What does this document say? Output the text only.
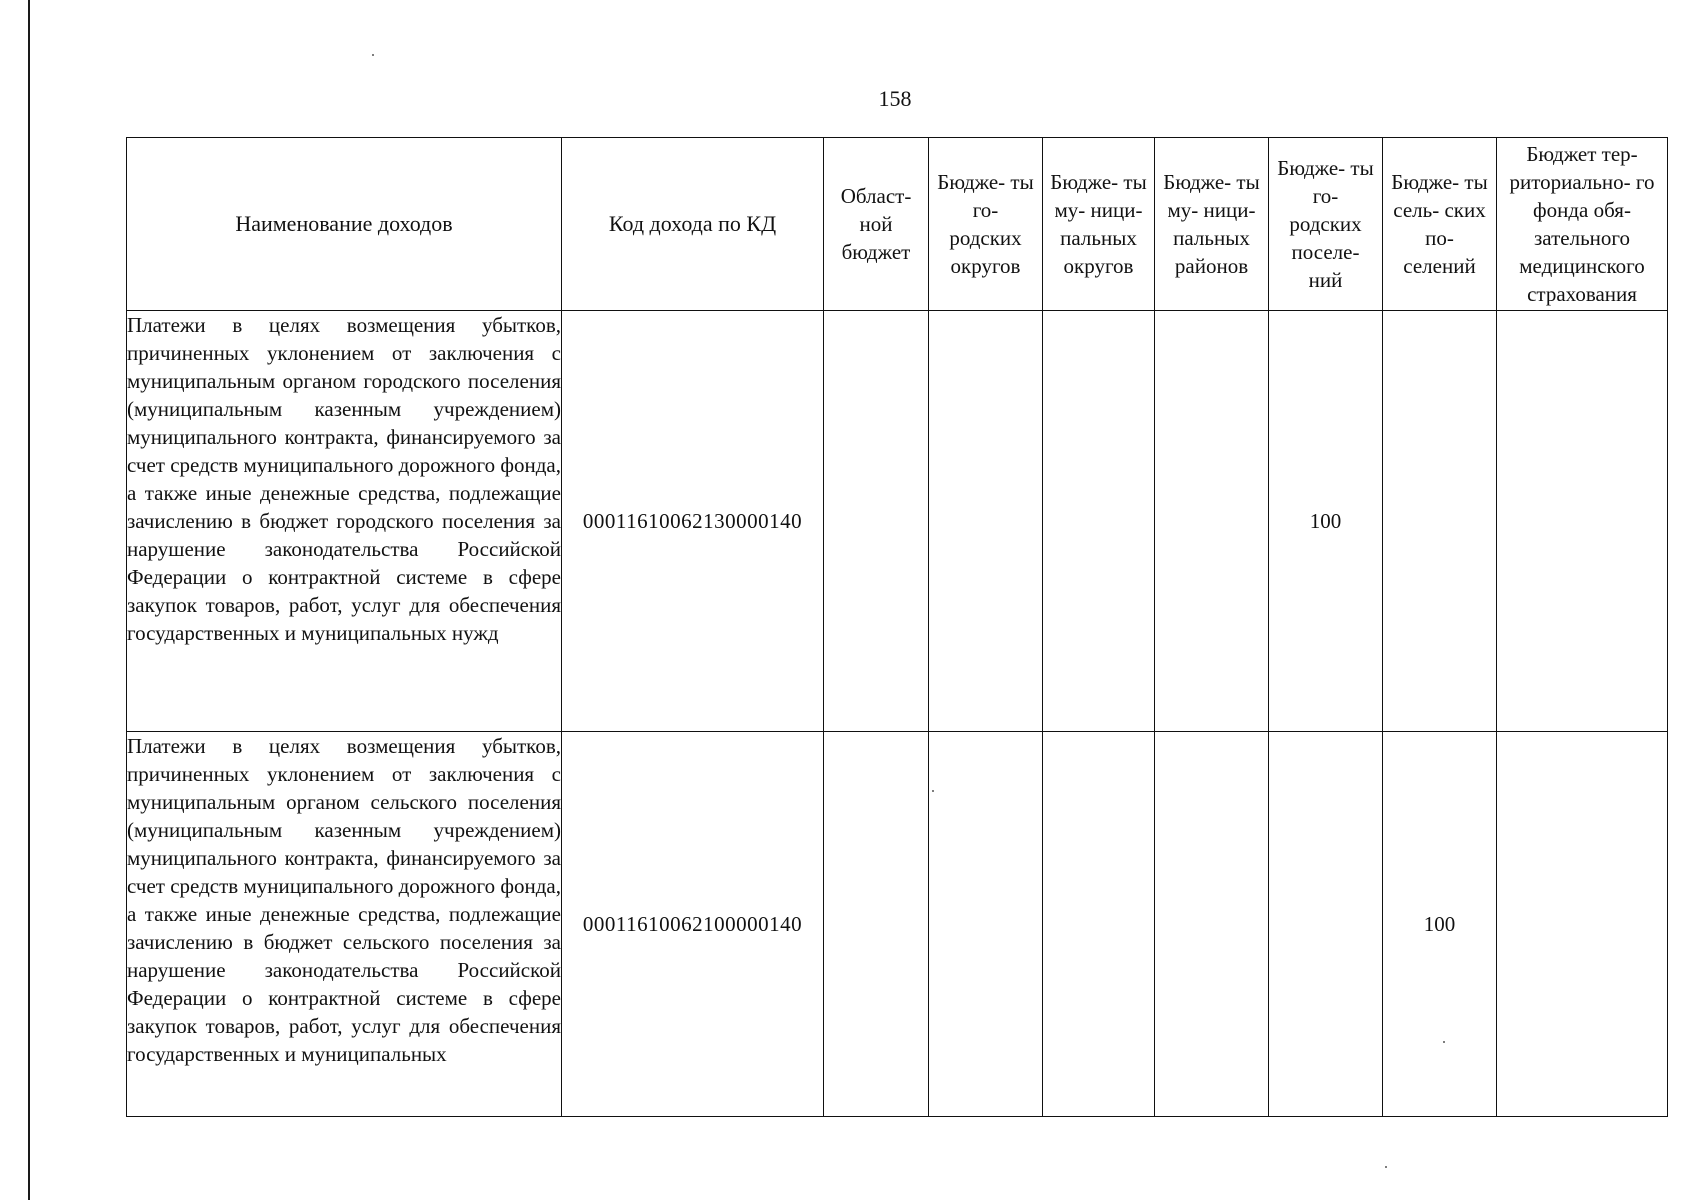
158
Наименование доходов	Код дохода по КД	Област- ной бюджет	Бюдже- ты го- родских округов	Бюдже- ты му- ници- пальных округов	Бюдже- ты му- ници- пальных районов	Бюдже- ты го- родских поселе- ний	Бюдже- ты сель- ских по- селений	Бюджет тер- риториально- го фонда обя- зательного медицинского страхования

Платежи в целях возмещения убытков, причиненных уклонением от заключения с муниципальным органом городского поселения (муниципальным казенным учреждением) муниципального контракта, финансируемого за счет средств муниципального дорожного фонда, а также иные денежные средства, подлежащие зачислению в бюджет городского поселения за нарушение законодательства Российской Федерации о контрактной системе в сфере закупок товаров, работ, услуг для обеспечения государственных и муниципальных нужд	00011610062130000140					100		

Платежи в целях возмещения убытков, причиненных уклонением от заключения с муниципальным органом сельского поселения (муниципальным казенным учреждением) муниципального контракта, финансируемого за счет средств муниципального дорожного фонда, а также иные денежные средства, подлежащие зачислению в бюджет сельского поселения за нарушение законодательства Российской Федерации о контрактной системе в сфере закупок товаров, работ, услуг для обеспечения государственных и муниципальных	00011610062100000140						100	
